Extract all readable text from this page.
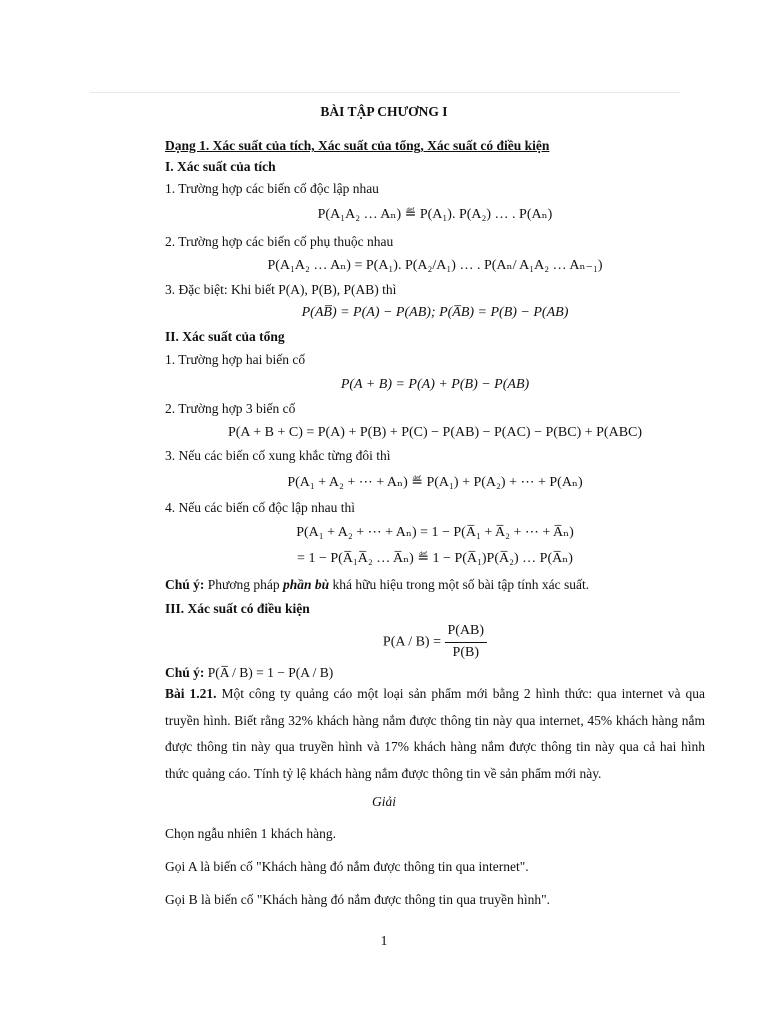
BÀI TẬP CHƯƠNG I
Dạng 1. Xác suất của tích, Xác suất của tổng, Xác suất có điều kiện
I. Xác suất của tích
1. Trường hợp các biến cố độc lập nhau
P(A₁A₂ … Aₙ) ≝ P(A₁). P(A₂) … . P(Aₙ)
2. Trường hợp các biến cố phụ thuộc nhau
P(A₁A₂ … Aₙ) = P(A₁). P(A₂/A₁) … . P(Aₙ/ A₁A₂ … Aₙ₋₁)
3. Đặc biệt: Khi biết P(A), P(B), P(AB) thì
P(AB̅) = P(A) − P(AB); P(A̅B) = P(B) − P(AB)
II. Xác suất của tổng
1. Trường hợp hai biến cố
P(A + B) = P(A) + P(B) − P(AB)
2. Trường hợp 3 biến cố
P(A + B + C) = P(A) + P(B) + P(C) − P(AB) − P(AC) − P(BC) + P(ABC)
3. Nếu các biến cố xung khắc từng đôi thì
P(A₁ + A₂ + ⋯ + Aₙ) ≝ P(A₁) + P(A₂) + ⋯ + P(Aₙ)
4. Nếu các biến cố độc lập nhau thì
P(A₁ + A₂ + ⋯ + Aₙ) = 1 − P(A̅₁ + A̅₂ + ⋯ + A̅ₙ)
= 1 − P(A̅₁A̅₂ … A̅ₙ) ≝ 1 − P(A̅₁)P(A̅₂) … P(A̅ₙ)
Chú ý: Phương pháp phần bù khá hữu hiệu trong một số bài tập tính xác suất.
III. Xác suất có điều kiện
$P(A / B) = \frac{P(AB)}{P(B)}$
Chú ý: P(A̅ / B) = 1 − P(A / B)
Bài 1.21. Một công ty quảng cáo một loại sản phẩm mới bằng 2 hình thức: qua internet và qua truyền hình. Biết rằng 32% khách hàng nắm được thông tin này qua internet, 45% khách hàng nắm được thông tin này qua truyền hình và 17% khách hàng nắm được thông tin này qua cả hai hình thức quảng cáo. Tính tỷ lệ khách hàng nắm được thông tin về sản phẩm mới này.
Giải
Chọn ngẫu nhiên 1 khách hàng.
Gọi A là biến cố "Khách hàng đó nắm được thông tin qua internet".
Gọi B là biến cố "Khách hàng đó nắm được thông tin qua truyền hình".
1
